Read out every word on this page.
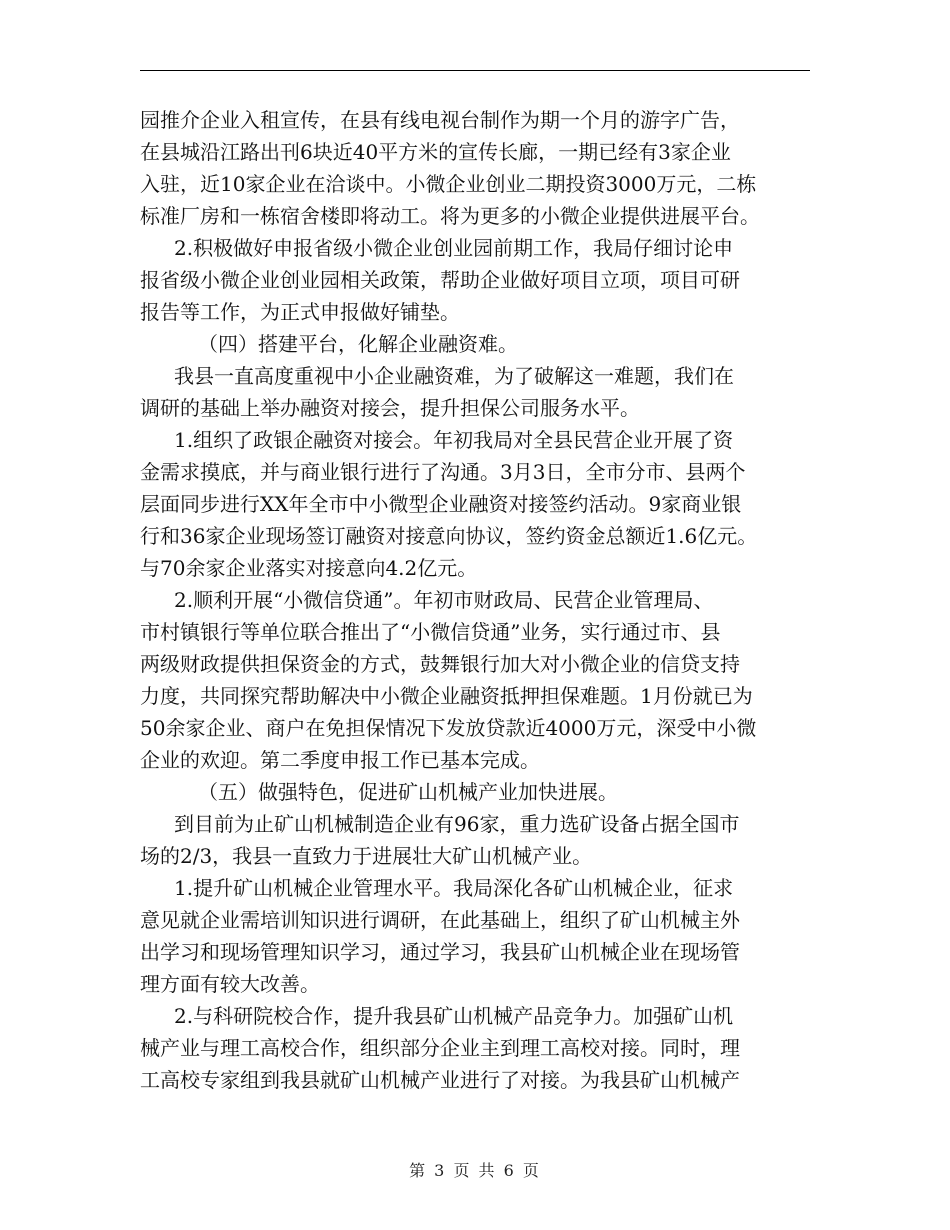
园推介企业入租宣传，在县有线电视台制作为期一个月的游字广告，
在县城沿江路出刊6块近40平方米的宣传长廊，一期已经有3家企业
入驻，近10家企业在洽谈中。小微企业创业二期投资3000万元，二栋
标准厂房和一栋宿舍楼即将动工。将为更多的小微企业提供进展平台。
2.积极做好申报省级小微企业创业园前期工作，我局仔细讨论申
报省级小微企业创业园相关政策，帮助企业做好项目立项，项目可研
报告等工作，为正式申报做好铺垫。
（四）搭建平台，化解企业融资难。
我县一直高度重视中小企业融资难，为了破解这一难题，我们在
调研的基础上举办融资对接会，提升担保公司服务水平。
1.组织了政银企融资对接会。年初我局对全县民营企业开展了资
金需求摸底，并与商业银行进行了沟通。3月3日，全市分市、县两个
层面同步进行XX年全市中小微型企业融资对接签约活动。9家商业银
行和36家企业现场签订融资对接意向协议，签约资金总额近1.6亿元。
与70余家企业落实对接意向4.2亿元。
2.顺利开展“小微信贷通”。年初市财政局、民营企业管理局、
市村镇银行等单位联合推出了“小微信贷通”业务，实行通过市、县
两级财政提供担保资金的方式，鼓舞银行加大对小微企业的信贷支持
力度，共同探究帮助解决中小微企业融资抵押担保难题。1月份就已为
50余家企业、商户在免担保情况下发放贷款近4000万元，深受中小微
企业的欢迎。第二季度申报工作已基本完成。
（五）做强特色，促进矿山机械产业加快进展。
到目前为止矿山机械制造企业有96家，重力选矿设备占据全国市
场的2/3，我县一直致力于进展壮大矿山机械产业。
1.提升矿山机械企业管理水平。我局深化各矿山机械企业，征求
意见就企业需培训知识进行调研，在此基础上，组织了矿山机械主外
出学习和现场管理知识学习，通过学习，我县矿山机械企业在现场管
理方面有较大改善。
2.与科研院校合作，提升我县矿山机械产品竞争力。加强矿山机
械产业与理工高校合作，组织部分企业主到理工高校对接。同时，理
工高校专家组到我县就矿山机械产业进行了对接。为我县矿山机械产
第 3 页 共 6 页
